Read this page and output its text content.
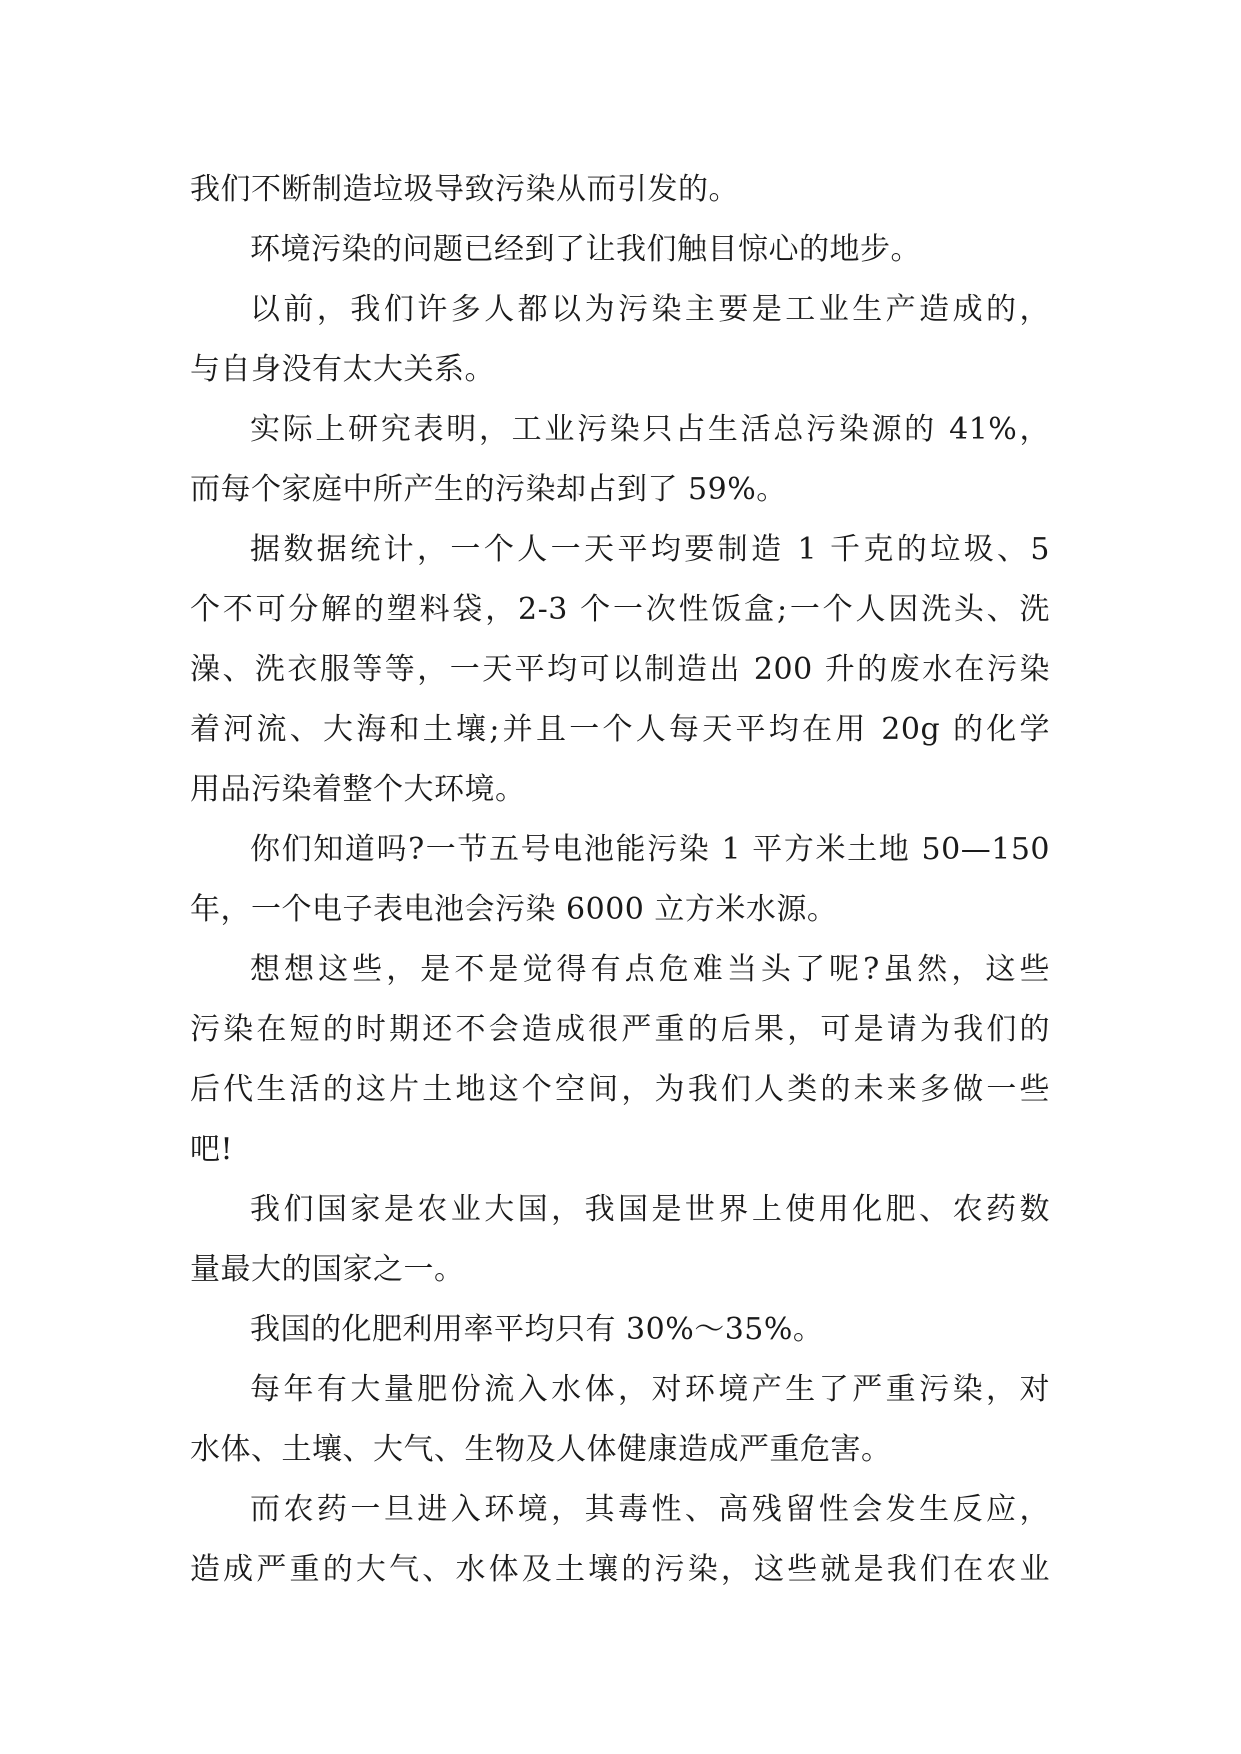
我们不断制造垃圾导致污染从而引发的。
环境污染的问题已经到了让我们触目惊心的地步。
以前，我们许多人都以为污染主要是工业生产造成的，
与自身没有太大关系。
实际上研究表明，工业污染只占生活总污染源的 41%，
而每个家庭中所产生的污染却占到了 59%。
据数据统计，一个人一天平均要制造 1 千克的垃圾、5
个不可分解的塑料袋，2-3 个一次性饭盒;一个人因洗头、洗
澡、洗衣服等等，一天平均可以制造出 200 升的废水在污染
着河流、大海和土壤;并且一个人每天平均在用 20g 的化学
用品污染着整个大环境。
你们知道吗?一节五号电池能污染 1 平方米土地 50—150
年，一个电子表电池会污染 6000 立方米水源。
想想这些，是不是觉得有点危难当头了呢?虽然，这些
污染在短的时期还不会造成很严重的后果，可是请为我们的
后代生活的这片土地这个空间，为我们人类的未来多做一些
吧!
我们国家是农业大国，我国是世界上使用化肥、农药数
量最大的国家之一。
我国的化肥利用率平均只有 30%～35%。
每年有大量肥份流入水体，对环境产生了严重污染，对
水体、土壤、大气、生物及人体健康造成严重危害。
而农药一旦进入环境，其毒性、高残留性会发生反应，
造成严重的大气、水体及土壤的污染，这些就是我们在农业
